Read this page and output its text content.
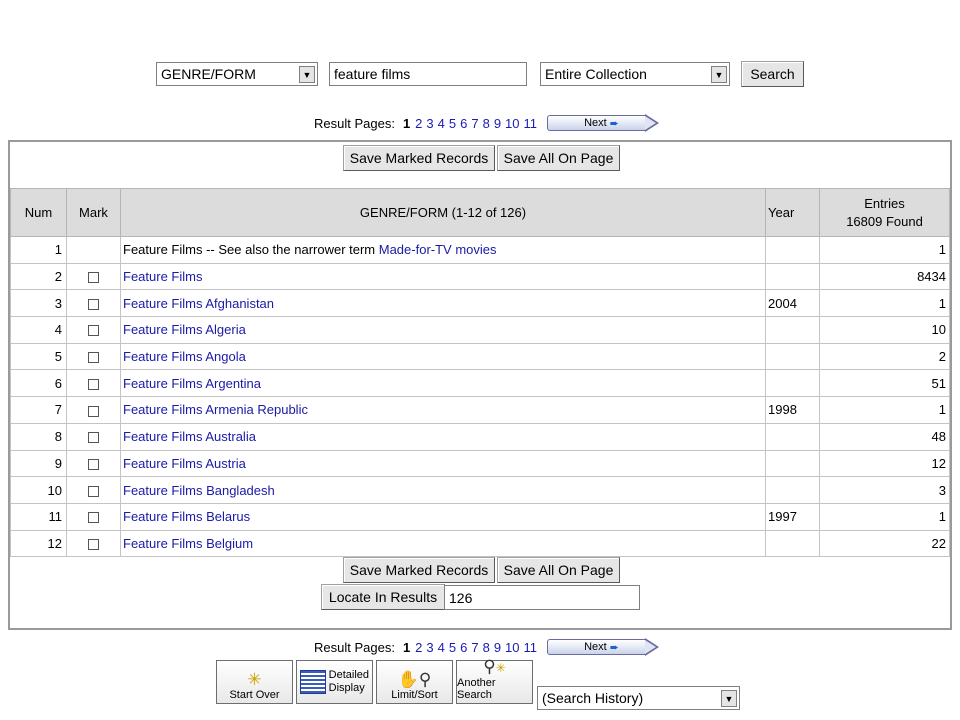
GENRE/FORM	▼ feature films	Entire Collection	▼	Search
Result Pages: 1 2 3 4 5 6 7 8 9 10 11	Next ➨
Save Marked Records	Save All On Page
Num	Mark	GENRE/FORM (1-12 of 126)	Year	Entries
16809 Found

1		Feature Films -- See also the narrower term Made-for-TV movies		1
2		Feature Films		8434
3		Feature Films Afghanistan	2004	1
4		Feature Films Algeria		10
5		Feature Films Angola		2
6		Feature Films Argentina		51
7		Feature Films Armenia Republic	1998	1
8		Feature Films Australia		48
9		Feature Films Austria		12
10		Feature Films Bangladesh		3
11		Feature Films Belarus	1997	1
12		Feature Films Belgium		22
Save Marked Records	Save All On Page
Locate In Results 126
Result Pages: 1 2 3 4 5 6 7 8 9 10 11	Next ➨
✳
Start Over
Detailed
Display ✋⚲
Limit/Sort
⚲✳
Another Search	(Search History)	▼
